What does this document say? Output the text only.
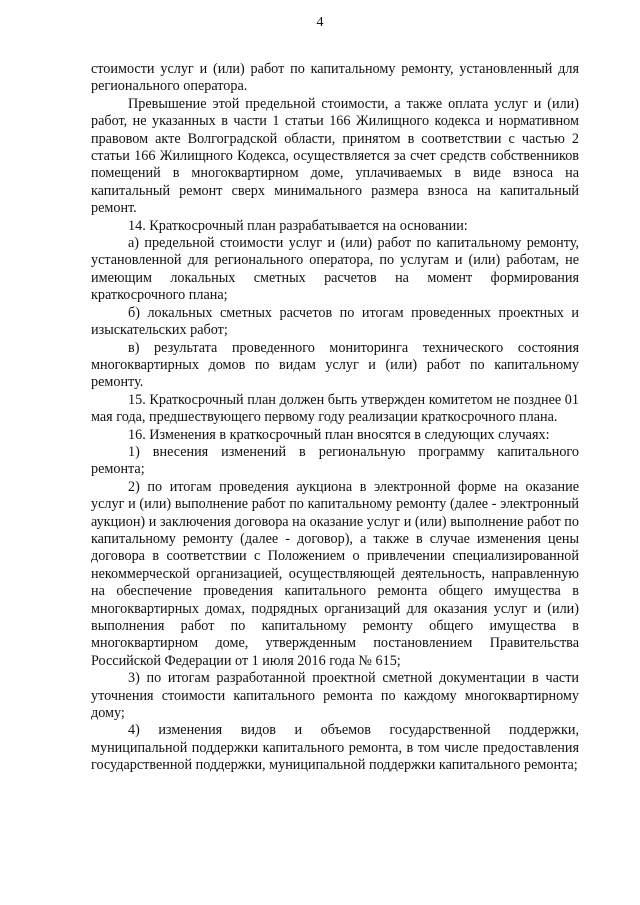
4

стоимости услуг и (или) работ по капитальному ремонту, установленный для регионального оператора.

Превышение этой предельной стоимости, а также оплата услуг и (или) работ, не указанных в части 1 статьи 166 Жилищного кодекса и нормативном правовом акте Волгоградской области, принятом в соответствии с частью 2 статьи 166 Жилищного Кодекса, осуществляется за счет средств собственников помещений в многоквартирном доме, уплачиваемых в виде взноса на капитальный ремонт сверх минимального размера взноса на капитальный ремонт.

14. Краткосрочный план разрабатывается на основании:

а) предельной стоимости услуг и (или) работ по капитальному ремонту, установленной для регионального оператора, по услугам и (или) работам, не имеющим локальных сметных расчетов на момент формирования краткосрочного плана;

б) локальных сметных расчетов по итогам проведенных проектных и изыскательских работ;

в) результата проведенного мониторинга технического состояния многоквартирных домов по видам услуг и (или) работ по капитальному ремонту.

15. Краткосрочный план должен быть утвержден комитетом не позднее 01 мая года, предшествующего первому году реализации краткосрочного плана.

16. Изменения в краткосрочный план вносятся в следующих случаях:

1) внесения изменений в региональную программу капитального ремонта;

2) по итогам проведения аукциона в электронной форме на оказание услуг и (или) выполнение работ по капитальному ремонту (далее - электронный аукцион) и заключения договора на оказание услуг и (или) выполнение работ по капитальному ремонту (далее - договор), а также в случае изменения цены договора в соответствии с Положением о привлечении специализированной некоммерческой организацией, осуществляющей деятельность, направленную на обеспечение проведения капитального ремонта общего имущества в многоквартирных домах, подрядных организаций для оказания услуг и (или) выполнения работ по капитальному ремонту общего имущества в многоквартирном доме, утвержденным постановлением Правительства Российской Федерации от 1 июля 2016 года № 615;

3) по итогам разработанной проектной сметной документации в части уточнения стоимости капитального ремонта по каждому многоквартирному дому;

4) изменения видов и объемов государственной поддержки, муниципальной поддержки капитального ремонта, в том числе предоставления государственной поддержки, муниципальной поддержки капитального ремонта;
